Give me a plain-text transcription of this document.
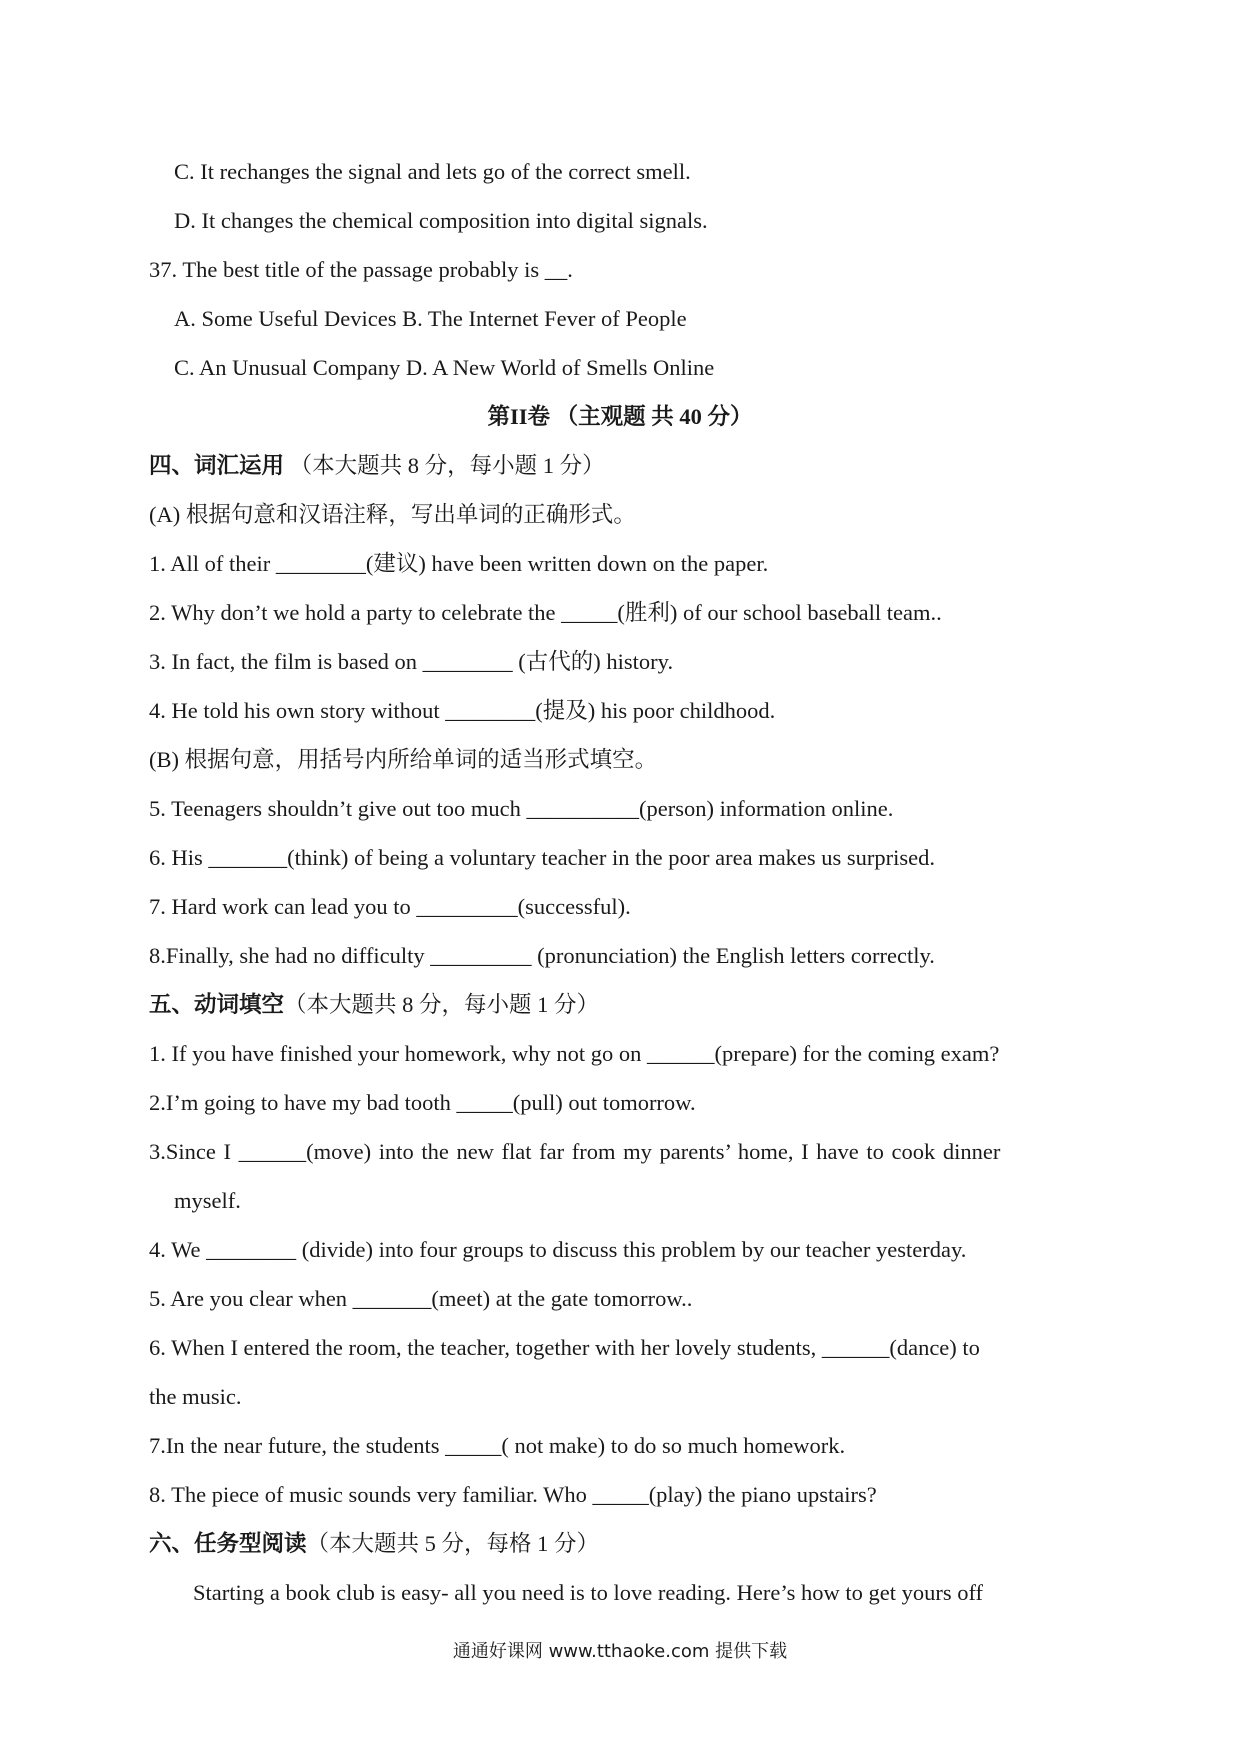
C. It rechanges the signal and lets go of the correct smell.
D. It changes the chemical composition into digital signals.
37. The best title of the passage probably is __.
A. Some Useful Devices B. The Internet Fever of People
C. An Unusual Company D. A New World of Smells Online
第II卷 （主观题 共 40 分）
四、词汇运用 （本大题共 8 分，每小题 1 分）
(A) 根据句意和汉语注释，写出单词的正确形式。
1. All of their ________(建议) have been written down on the paper.
2. Why don’t we hold a party to celebrate the _____(胜利) of our school baseball team..
3. In fact, the film is based on ________ (古代的) history.
4. He told his own story without ________(提及) his poor childhood.
(B) 根据句意，用括号内所给单词的适当形式填空。
5. Teenagers shouldn’t give out too much __________(person) information online.
6. His _______(think) of being a voluntary teacher in the poor area makes us surprised.
7. Hard work can lead you to _________(successful).
8.Finally, she had no difficulty _________ (pronunciation) the English letters correctly.
五、动词填空（本大题共 8 分，每小题 1 分）
1. If you have finished your homework, why not go on ______(prepare) for the coming exam?
2.I’m going to have my bad tooth _____(pull) out tomorrow.
3.Since I ______(move) into the new flat far from my parents’ home, I have to cook dinner
myself.
4. We ________ (divide) into four groups to discuss this problem by our teacher yesterday.
5. Are you clear when _______(meet) at the gate tomorrow..
6. When I entered the room, the teacher, together with her lovely students, ______(dance) to
the music.
7.In the near future, the students _____( not make) to do so much homework.
8. The piece of music sounds very familiar. Who _____(play) the piano upstairs?
六、任务型阅读（本大题共 5 分，每格 1 分）
Starting a book club is easy- all you need is to love reading. Here’s how to get yours off
通通好课网 www.tthaoke.com 提供下载
